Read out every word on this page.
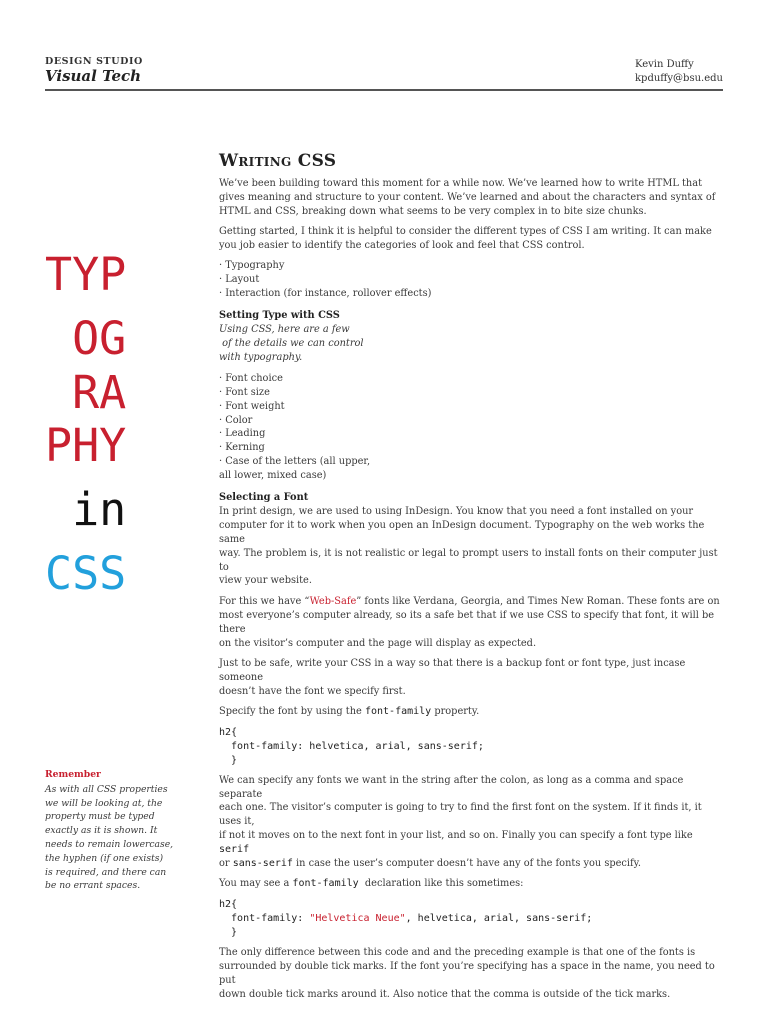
DESIGN STUDIO
Visual Tech
Kevin Duffy
kpduffy@bsu.edu
TYP
OG
RA
PHY
in
CSS
Remember
As with all CSS properties
we will be looking at, the
property must be typed
exactly as it is shown. It
needs to remain lowercase,
the hyphen (if one exists)
is required, and there can
be no errant spaces.
Writing CSS

We’ve been building toward this moment for a while now. We’ve learned how to write HTML that
gives meaning and structure to your content. We’ve learned and about the characters and syntax of
HTML and CSS, breaking down what seems to be very complex in to bite size chunks.

Getting started, I think it is helpful to consider the different types of CSS I am writing. It can make
you job easier to identify the categories of look and feel that CSS control.

· Typography
· Layout
· Interaction (for instance, rollover effects)
Setting Type with CSS
Using CSS, here are a few
of the details we can control
with typography.
· Font choice
· Font size
· Font weight
· Color
· Leading
· Kerning
· Case of the letters (all upper,
all lower, mixed case)
Selecting a Font

In print design, we are used to using InDesign. You know that you need a font installed on your
computer for it to work when you open an InDesign document. Typography on the web works the same
way. The problem is, it is not realistic or legal to prompt users to install fonts on their computer just to
view your website.

For this we have “Web-Safe” fonts like Verdana, Georgia, and Times New Roman. These fonts are on
most everyone’s computer already, so its a safe bet that if we use CSS to specify that font, it will be there
on the visitor’s computer and the page will display as expected.

Just to be safe, write your CSS in a way so that there is a backup font or font type, just incase someone
doesn’t have the font we specify first.

Specify the font by using the font-family property.

h2{
font-family: helvetica, arial, sans-serif;
}

We can specify any fonts we want in the string after the colon, as long as a comma and space separate
each one. The visitor’s computer is going to try to find the first font on the system. If it finds it, it uses it,
if not it moves on to the next font in your list, and so on. Finally you can specify a font type like serif
or sans-serif in case the user’s computer doesn’t have any of the fonts you specify.

You may see a font-family  declaration like this sometimes:

h2{
font-family: "Helvetica Neue", helvetica, arial, sans-serif;
}

The only difference between this code and and the preceding example is that one of the fonts is
surrounded by double tick marks. If the font you’re specifying has a space in the name, you need to put
down double tick marks around it. Also notice that the comma is outside of the tick marks.
